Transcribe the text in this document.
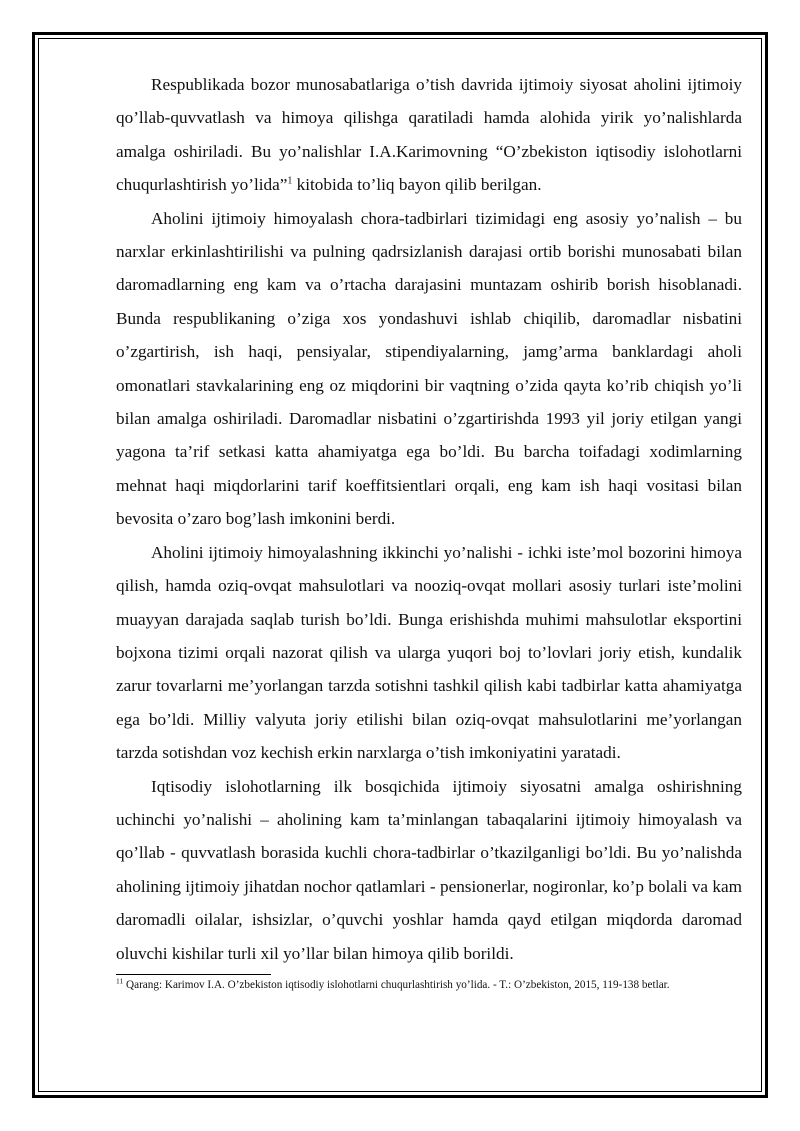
Respublikada bozor munosabatlariga o’tish davrida ijtimoiy siyosat aholini ijtimoiy qo’llab-quvvatlash va himoya qilishga qaratiladi hamda alohida yirik yo’nalishlarda amalga oshiriladi. Bu yo’nalishlar I.A.Karimovning “O’zbekiston iqtisodiy islohotlarni chuqurlashtirish yo’lida”$^1$ kitobida to’liq bayon qilib berilgan.

Aholini ijtimoiy himoyalash chora-tadbirlari tizimidagi eng asosiy yo’nalish – bu narxlar erkinlashtirilishi va pulning qadrsizlanish darajasi ortib borishi munosabati bilan daromadlarning eng kam va o’rtacha darajasini muntazam oshirib borish hisoblanadi. Bunda respublikaning o’ziga xos yondashuvi ishlab chiqilib, daromadlar nisbatini o’zgartirish, ish haqi, pensiyalar, stipendiyalarning, jamg’arma banklardagi aholi omonatlari stavkalarining eng oz miqdorini bir vaqtning o’zida qayta ko’rib chiqish yo’li bilan amalga oshiriladi. Daromadlar nisbatini o’zgartirishda 1993 yil joriy etilgan yangi yagona ta’rif setkasi katta ahamiyatga ega bo’ldi. Bu barcha toifadagi xodimlarning mehnat haqi miqdorlarini tarif koeffitsientlari orqali, eng kam ish haqi vositasi bilan bevosita o’zaro bog’lash imkonini berdi.

Aholini ijtimoiy himoyalashning ikkinchi yo’nalishi - ichki iste’mol bozorini himoya qilish, hamda oziq-ovqat mahsulotlari va nooziq-ovqat mollari asosiy turlari iste’molini muayyan darajada saqlab turish bo’ldi. Bunga erishishda muhimi mahsulotlar eksportini bojxona tizimi orqali nazorat qilish va ularga yuqori boj to’lovlari joriy etish, kundalik zarur tovarlarni me’yorlangan tarzda sotishni tashkil qilish kabi tadbirlar katta ahamiyatga ega bo’ldi. Milliy valyuta joriy etilishi bilan oziq-ovqat mahsulotlarini me’yorlangan tarzda sotishdan voz kechish erkin narxlarga o’tish imkoniyatini yaratadi.

Iqtisodiy islohotlarning ilk bosqichida ijtimoiy siyosatni amalga oshirishning uchinchi yo’nalishi – aholining kam ta’minlangan tabaqalarini ijtimoiy himoyalash va qo’llab - quvvatlash borasida kuchli chora-tadbirlar o’tkazilganligi bo’ldi. Bu yo’nalishda aholining ijtimoiy jihatdan nochor qatlamlari - pensionerlar, nogironlar, ko’p bolali va kam daromadli oilalar, ishsizlar, o’quvchi yoshlar hamda qayd etilgan miqdorda daromad oluvchi kishilar turli xil yo’llar bilan himoya qilib borildi.

$^{11}$ Qarang: Karimov I.A. O’zbekiston iqtisodiy islohotlarni chuqurlashtirish yo’lida. - T.: O’zbekiston, 2015, 119-138 betlar.
